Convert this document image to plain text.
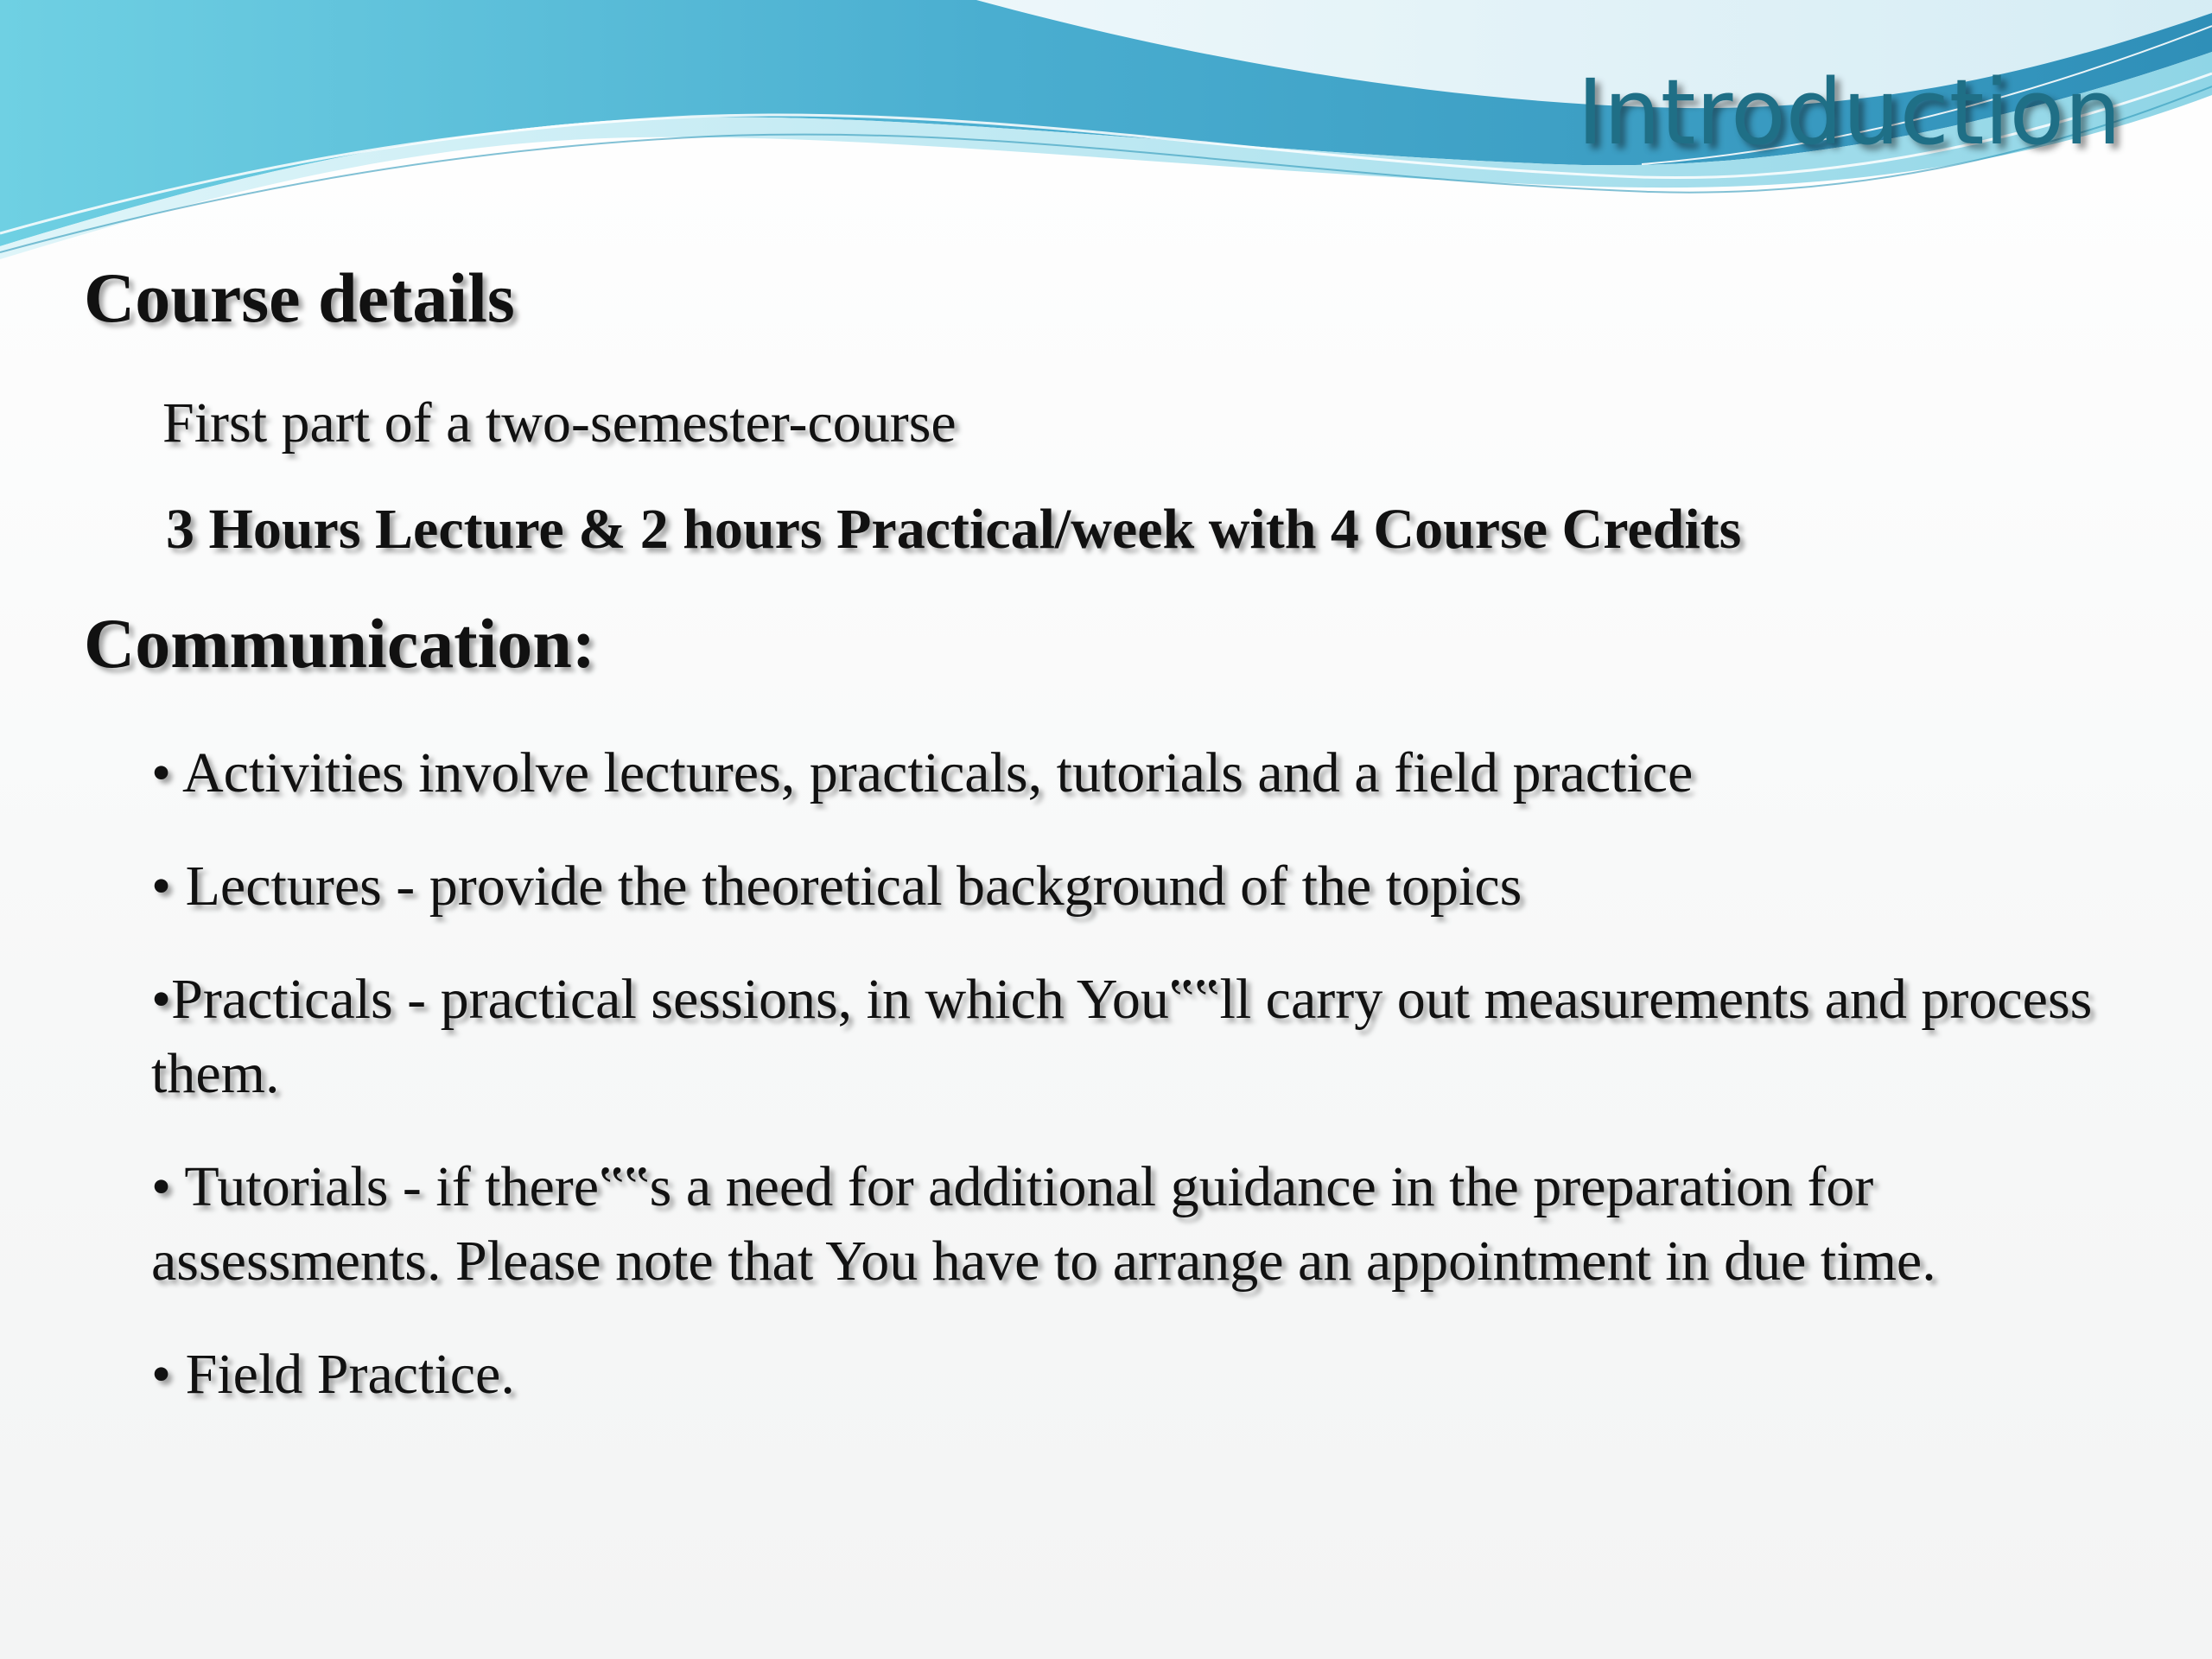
Introduction
Course details

First part of a two-semester-course

3 Hours Lecture & 2 hours Practical/week with 4 Course Credits

Communication:
• Activities involve lectures, practicals, tutorials and a field practice
• Lectures - provide the theoretical background of the topics
•Practicals - practical sessions, in which You‟‟ll carry out measurements and process them.
• Tutorials - if there‟‟s a need for additional guidance in the preparation for assessments. Please note that You have to arrange an appointment in due time.
• Field Practice.
